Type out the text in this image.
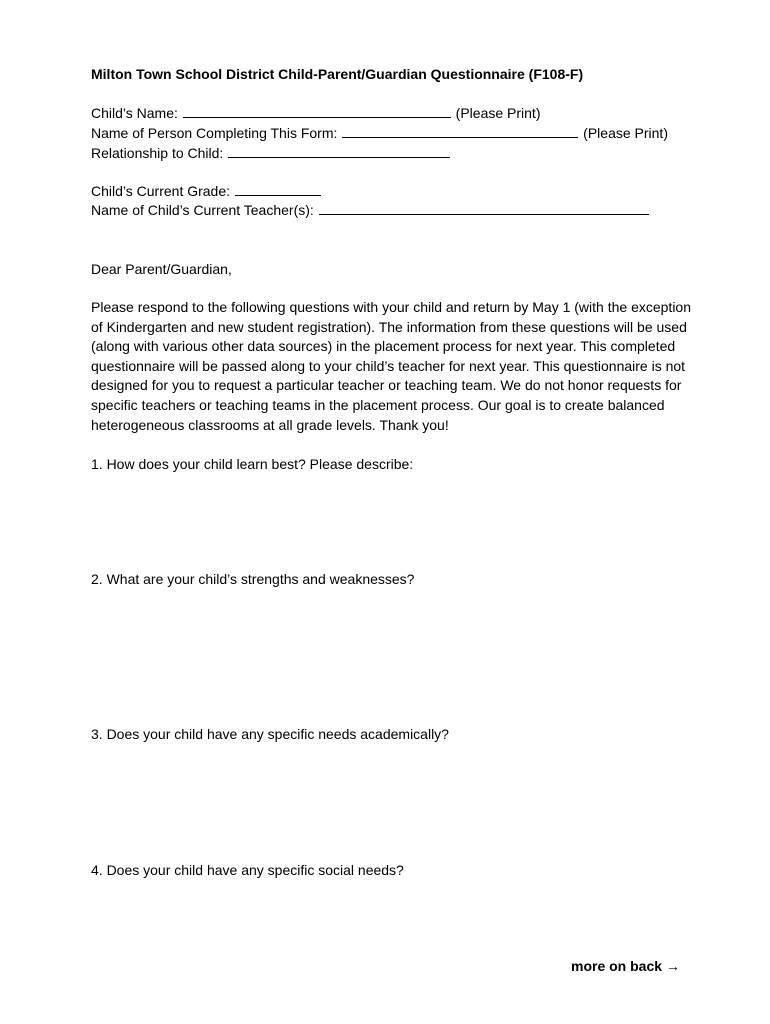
Milton Town School District Child-Parent/Guardian Questionnaire (F108-F)
Child’s Name:	(Please Print)
Name of Person Completing This Form:	(Please Print)
Relationship to Child:
Child’s Current Grade:
Name of Child’s Current Teacher(s):
Dear Parent/Guardian,
Please respond to the following questions with your child and return by May 1 (with the exception of Kindergarten and new student registration). The information from these questions will be used (along with various other data sources) in the placement process for next year. This completed questionnaire will be passed along to your child’s teacher for next year. This questionnaire is not designed for you to request a particular teacher or teaching team. We do not honor requests for specific teachers or teaching teams in the placement process. Our goal is to create balanced heterogeneous classrooms at all grade levels. Thank you!
1. How does your child learn best? Please describe:
2. What are your child’s strengths and weaknesses?
3. Does your child have any specific needs academically?
4. Does your child have any specific social needs?
more on back →
